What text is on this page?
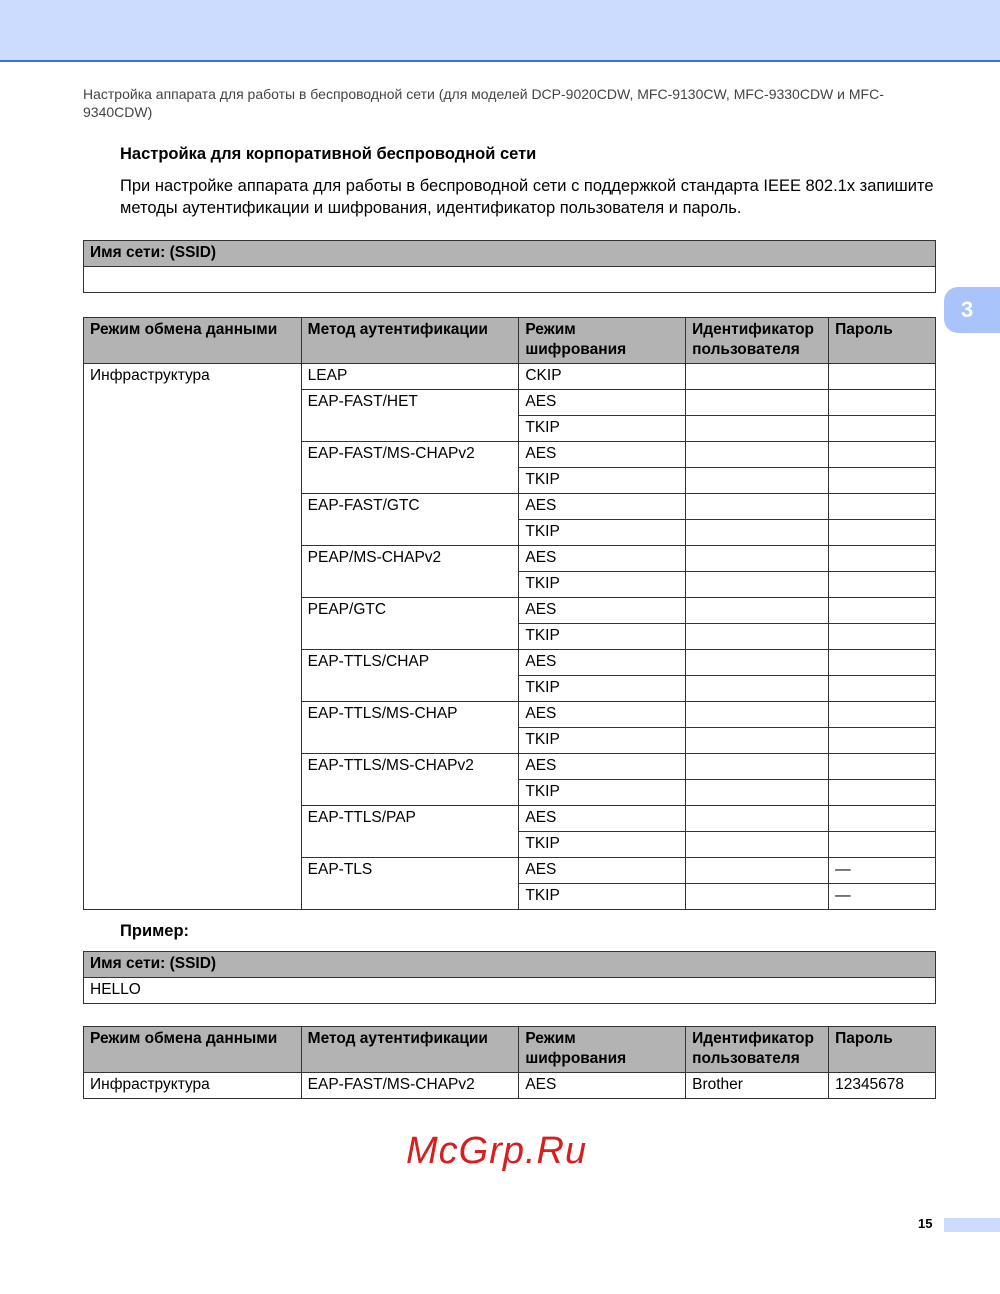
Настройка аппарата для работы в беспроводной сети (для моделей DCP-9020CDW, MFC-9130CW, MFC-9330CDW и MFC-9340CDW)
Настройка для корпоративной беспроводной сети
При настройке аппарата для работы в беспроводной сети с поддержкой стандарта IEEE 802.1x запишите методы аутентификации и шифрования, идентификатор пользователя и пароль.
Имя сети: (SSID)

Режим обмена данными	Метод аутентификации	Режим шифрования	Идентификатор пользователя	Пароль
Инфраструктура	LEAP	CKIP		
	EAP-FAST/НЕТ	AES		
		TKIP		
	EAP-FAST/MS-CHAPv2	AES		
		TKIP		
	EAP-FAST/GTC	AES		
		TKIP		
	PEAP/MS-CHAPv2	AES		
		TKIP		
	PEAP/GTC	AES		
		TKIP		
	EAP-TTLS/CHAP	AES		
		TKIP		
	EAP-TTLS/MS-CHAP	AES		
		TKIP		
	EAP-TTLS/MS-CHAPv2	AES		
		TKIP		
	EAP-TTLS/PAP	AES		
		TKIP		
	EAP-TLS	AES		—
		TKIP		—
Пример:
Имя сети: (SSID)
HELLO
Режим обмена данными	Метод аутентификации	Режим шифрования	Идентификатор пользователя	Пароль
Инфраструктура	EAP-FAST/MS-CHAPv2	AES	Brother	12345678
McGrp.Ru
3
15
